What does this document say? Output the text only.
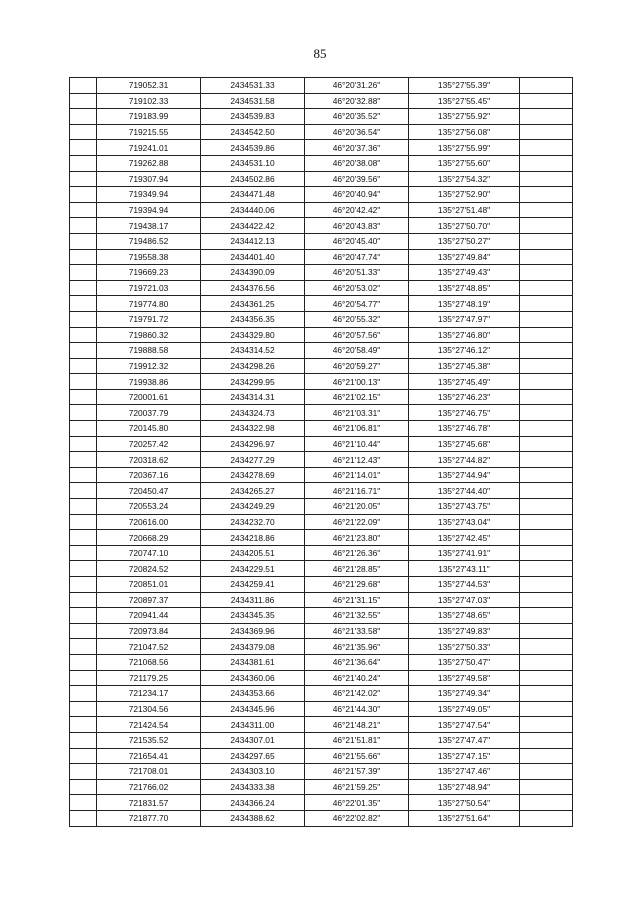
85
	719052.31	2434531.33	46°20'31.26"	135°27'55.39"	
	719102.33	2434531.58	46°20'32.88"	135°27'55.45"	
	719183.99	2434539.83	46°20'35.52"	135°27'55.92"	
	719215.55	2434542.50	46°20'36.54"	135°27'56.08"	
	719241.01	2434539.86	46°20'37.36"	135°27'55.99"	
	719262.88	2434531.10	46°20'38.08"	135°27'55.60"	
	719307.94	2434502.86	46°20'39.56"	135°27'54.32"	
	719349.94	2434471.48	46°20'40.94"	135°27'52.90"	
	719394.94	2434440.06	46°20'42.42"	135°27'51.48"	
	719438.17	2434422.42	46°20'43.83"	135°27'50.70"	
	719486.52	2434412.13	46°20'45.40"	135°27'50.27"	
	719558.38	2434401.40	46°20'47.74"	135°27'49.84"	
	719669.23	2434390.09	46°20'51.33"	135°27'49.43"	
	719721.03	2434376.56	46°20'53.02"	135°27'48.85"	
	719774.80	2434361.25	46°20'54.77"	135°27'48.19"	
	719791.72	2434356.35	46°20'55.32"	135°27'47.97"	
	719860.32	2434329.80	46°20'57.56"	135°27'46.80"	
	719888.58	2434314.52	46°20'58.49"	135°27'46.12"	
	719912.32	2434298.26	46°20'59.27"	135°27'45.38"	
	719938.86	2434299.95	46°21'00.13"	135°27'45.49"	
	720001.61	2434314.31	46°21'02.15"	135°27'46.23"	
	720037.79	2434324.73	46°21'03.31"	135°27'46.75"	
	720145.80	2434322.98	46°21'06.81"	135°27'46.78"	
	720257.42	2434296.97	46°21'10.44"	135°27'45.68"	
	720318.62	2434277.29	46°21'12.43"	135°27'44.82"	
	720367.16	2434278.69	46°21'14.01"	135°27'44.94"	
	720450.47	2434265.27	46°21'16.71"	135°27'44.40"	
	720553.24	2434249.29	46°21'20.05"	135°27'43.75"	
	720616.00	2434232.70	46°21'22.09"	135°27'43.04"	
	720668.29	2434218.86	46°21'23.80"	135°27'42.45"	
	720747.10	2434205.51	46°21'26.36"	135°27'41.91"	
	720824.52	2434229.51	46°21'28.85"	135°27'43.11"	
	720851.01	2434259.41	46°21'29.68"	135°27'44.53"	
	720897.37	2434311.86	46°21'31.15"	135°27'47.03"	
	720941.44	2434345.35	46°21'32.55"	135°27'48.65"	
	720973.84	2434369.96	46°21'33.58"	135°27'49.83"	
	721047.52	2434379.08	46°21'35.96"	135°27'50.33"	
	721068.56	2434381.61	46°21'36.64"	135°27'50.47"	
	721179.25	2434360.06	46°21'40.24"	135°27'49.58"	
	721234.17	2434353.66	46°21'42.02"	135°27'49.34"	
	721304.56	2434345.96	46°21'44.30"	135°27'49.05"	
	721424.54	2434311.00	46°21'48.21"	135°27'47.54"	
	721535.52	2434307.01	46°21'51.81"	135°27'47.47"	
	721654.41	2434297.65	46°21'55.66"	135°27'47.15"	
	721708.01	2434303.10	46°21'57.39"	135°27'47.46"	
	721766.02	2434333.38	46°21'59.25"	135°27'48.94"	
	721831.57	2434366.24	46°22'01.35"	135°27'50.54"	
	721877.70	2434388.62	46°22'02.82"	135°27'51.64"	
